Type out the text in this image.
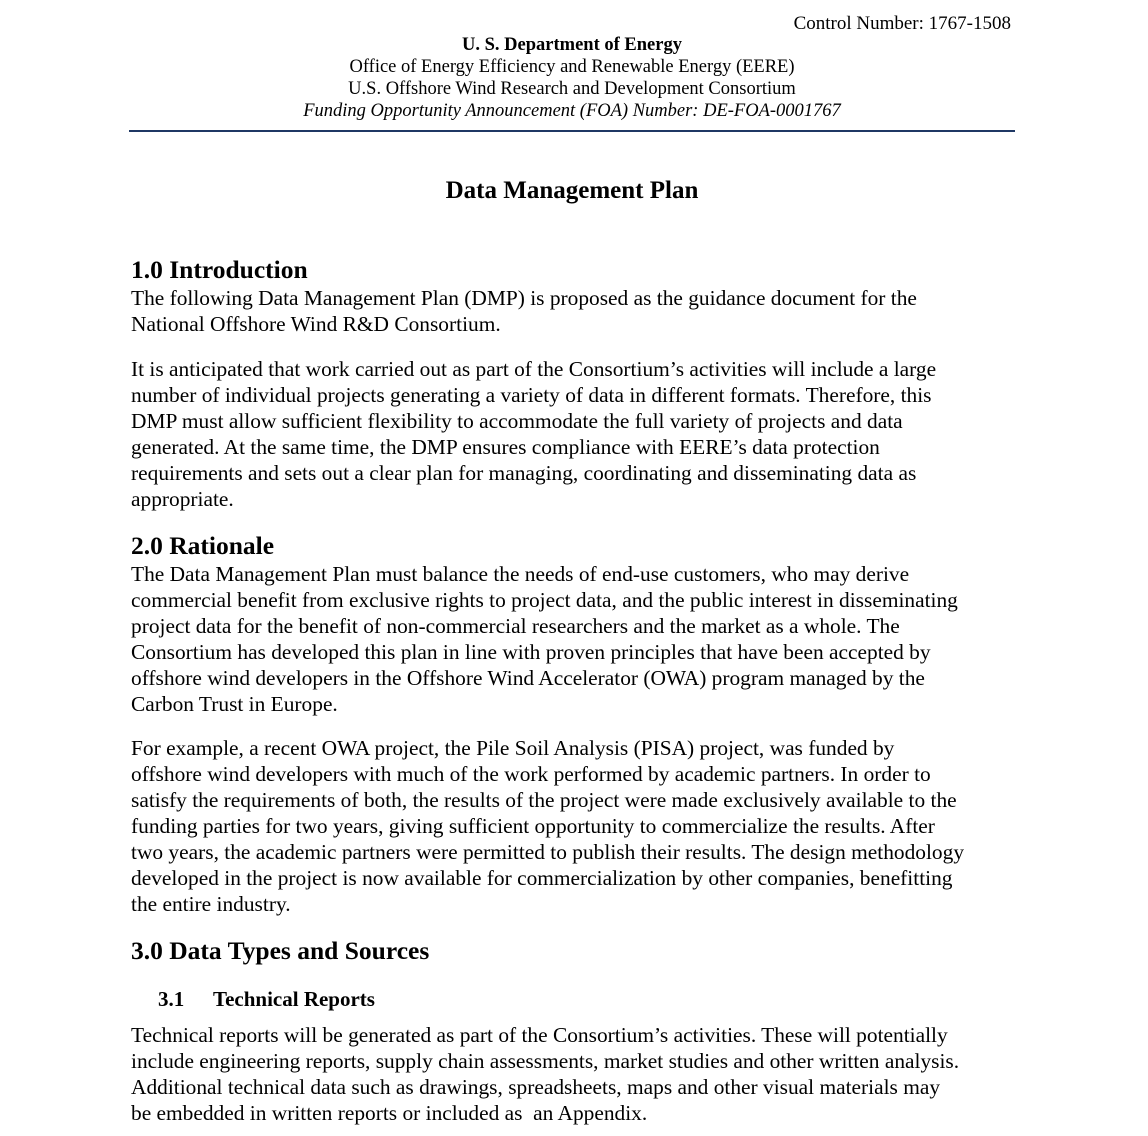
Control Number: 1767-1508
U. S. Department of Energy
Office of Energy Efficiency and Renewable Energy (EERE)
U.S. Offshore Wind Research and Development Consortium
Funding Opportunity Announcement (FOA) Number: DE-FOA-0001767
Data Management Plan
1.0 Introduction

The following Data Management Plan (DMP) is proposed as the guidance document for the
National Offshore Wind R&D Consortium.

It is anticipated that work carried out as part of the Consortium’s activities will include a large
number of individual projects generating a variety of data in different formats. Therefore, this
DMP must allow sufficient flexibility to accommodate the full variety of projects and data
generated. At the same time, the DMP ensures compliance with EERE’s data protection
requirements and sets out a clear plan for managing, coordinating and disseminating data as
appropriate.

2.0 Rationale

The Data Management Plan must balance the needs of end-use customers, who may derive
commercial benefit from exclusive rights to project data, and the public interest in disseminating
project data for the benefit of non-commercial researchers and the market as a whole. The
Consortium has developed this plan in line with proven principles that have been accepted by
offshore wind developers in the Offshore Wind Accelerator (OWA) program managed by the
Carbon Trust in Europe.

For example, a recent OWA project, the Pile Soil Analysis (PISA) project, was funded by
offshore wind developers with much of the work performed by academic partners. In order to
satisfy the requirements of both, the results of the project were made exclusively available to the
funding parties for two years, giving sufficient opportunity to commercialize the results. After
two years, the academic partners were permitted to publish their results. The design methodology
developed in the project is now available for commercialization by other companies, benefitting
the entire industry.

3.0 Data Types and Sources
3.1 Technical Reports

Technical reports will be generated as part of the Consortium’s activities. These will potentially
include engineering reports, supply chain assessments, market studies and other written analysis.
Additional technical data such as drawings, spreadsheets, maps and other visual materials may
be embedded in written reports or included as  an Appendix.
